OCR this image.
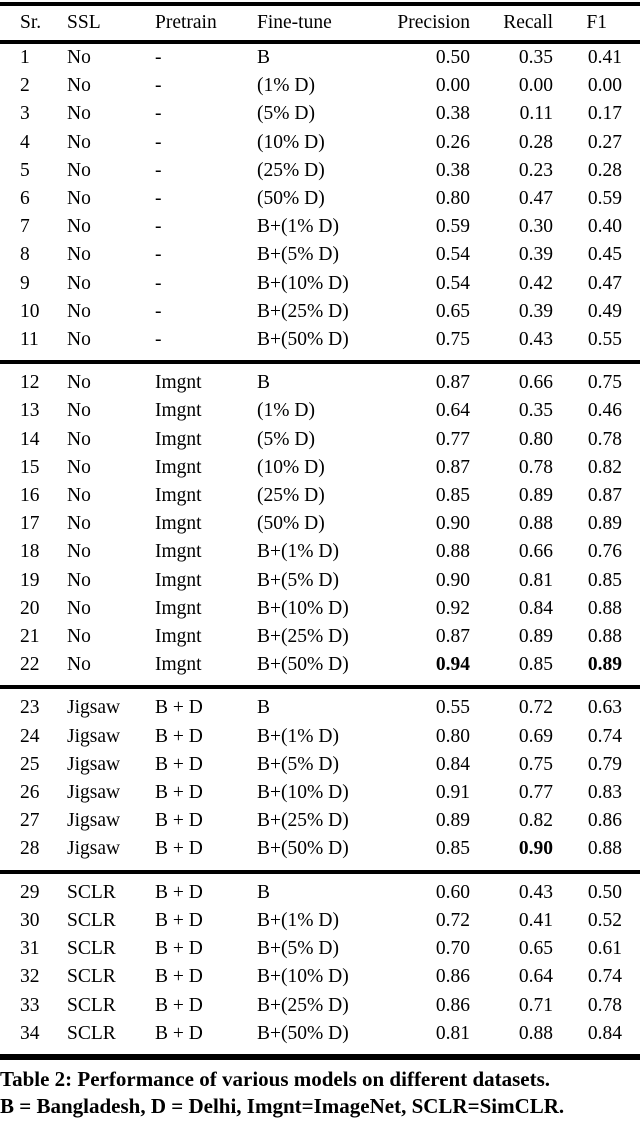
Sr.	SSL	Pretrain	Fine-tune	Precision	Recall	F1
1	No	-	B	0.50	0.35	0.41
2	No	-	(1% D)	0.00	0.00	0.00
3	No	-	(5% D)	0.38	0.11	0.17
4	No	-	(10% D)	0.26	0.28	0.27
5	No	-	(25% D)	0.38	0.23	0.28
6	No	-	(50% D)	0.80	0.47	0.59
7	No	-	B+(1% D)	0.59	0.30	0.40
8	No	-	B+(5% D)	0.54	0.39	0.45
9	No	-	B+(10% D)	0.54	0.42	0.47
10	No	-	B+(25% D)	0.65	0.39	0.49
11	No	-	B+(50% D)	0.75	0.43	0.55
12	No	Imgnt	B	0.87	0.66	0.75
13	No	Imgnt	(1% D)	0.64	0.35	0.46
14	No	Imgnt	(5% D)	0.77	0.80	0.78
15	No	Imgnt	(10% D)	0.87	0.78	0.82
16	No	Imgnt	(25% D)	0.85	0.89	0.87
17	No	Imgnt	(50% D)	0.90	0.88	0.89
18	No	Imgnt	B+(1% D)	0.88	0.66	0.76
19	No	Imgnt	B+(5% D)	0.90	0.81	0.85
20	No	Imgnt	B+(10% D)	0.92	0.84	0.88
21	No	Imgnt	B+(25% D)	0.87	0.89	0.88
22	No	Imgnt	B+(50% D)	0.94	0.85	0.89
23	Jigsaw	B + D	B	0.55	0.72	0.63
24	Jigsaw	B + D	B+(1% D)	0.80	0.69	0.74
25	Jigsaw	B + D	B+(5% D)	0.84	0.75	0.79
26	Jigsaw	B + D	B+(10% D)	0.91	0.77	0.83
27	Jigsaw	B + D	B+(25% D)	0.89	0.82	0.86
28	Jigsaw	B + D	B+(50% D)	0.85	0.90	0.88
29	SCLR	B + D	B	0.60	0.43	0.50
30	SCLR	B + D	B+(1% D)	0.72	0.41	0.52
31	SCLR	B + D	B+(5% D)	0.70	0.65	0.61
32	SCLR	B + D	B+(10% D)	0.86	0.64	0.74
33	SCLR	B + D	B+(25% D)	0.86	0.71	0.78
34	SCLR	B + D	B+(50% D)	0.81	0.88	0.84
Table 2: Performance of various models on different datasets.
B = Bangladesh, D = Delhi, Imgnt=ImageNet, SCLR=SimCLR.
